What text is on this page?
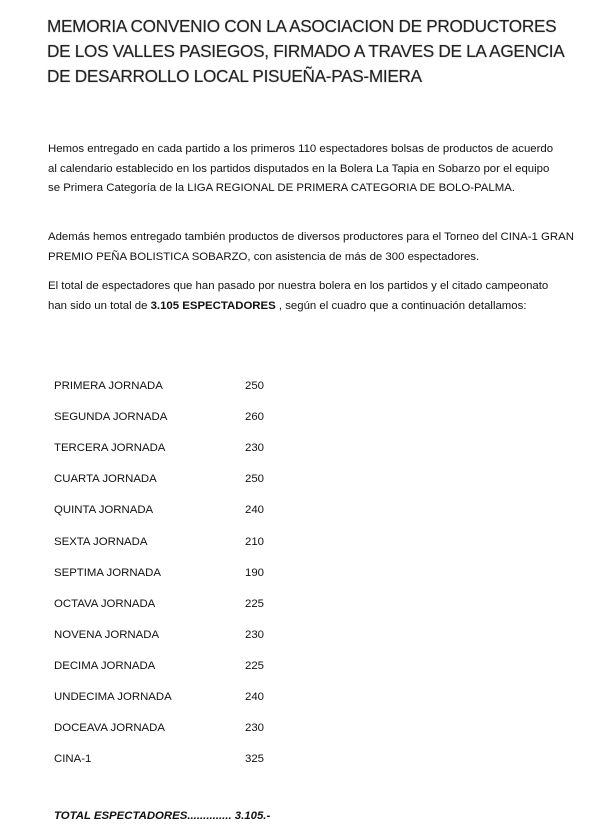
MEMORIA CONVENIO CON LA ASOCIACION DE PRODUCTORES
DE LOS VALLES PASIEGOS, FIRMADO A TRAVES DE LA AGENCIA
DE DESARROLLO LOCAL PISUEÑA-PAS-MIERA
Hemos entregado en cada partido a los primeros 110 espectadores bolsas de productos de acuerdo al calendario establecido en los partidos disputados en la Bolera La Tapia en Sobarzo por el equipo se Primera Categoría de la LIGA REGIONAL DE PRIMERA CATEGORIA DE BOLO-PALMA.
Además hemos entregado también productos de diversos productores para el Torneo del CINA-1 GRAN PREMIO PEÑA BOLISTICA SOBARZO, con asistencia de más de 300 espectadores.
El total de espectadores que han pasado por nuestra bolera en los partidos y el citado campeonato han sido un total de 3.105 ESPECTADORES , según el cuadro que a continuación detallamos:
PRIMERA JORNADA	250
SEGUNDA JORNADA	260
TERCERA JORNADA	230
CUARTA JORNADA	250
QUINTA JORNADA	240
SEXTA JORNADA	210
SEPTIMA JORNADA	190
OCTAVA JORNADA	225
NOVENA JORNADA	230
DECIMA JORNADA	225
UNDECIMA JORNADA	240
DOCEAVA JORNADA	230
CINA-1	325
TOTAL ESPECTADORES.............. 3.105.-
